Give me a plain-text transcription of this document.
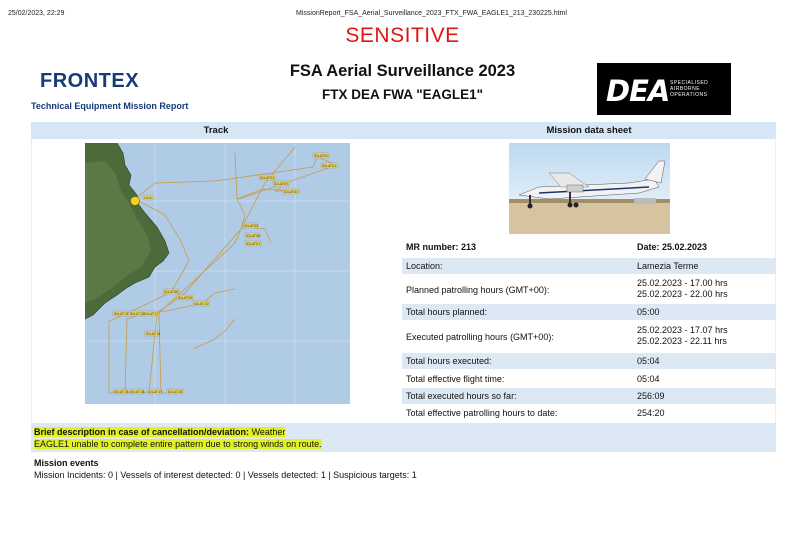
25/02/2023, 22:29	MissionReport_FSA_Aerial_Surveillance_2023_FTX_FWA_EAGLE1_213_230225.html
SENSITIVE
FRONTEX
Technical Equipment Mission Report
FSA Aerial Surveillance 2023
FTX DEA FWA "EAGLE1"	DEA SPECIALISED
AIRBORNE
OPERATIONS
Track	Mission data sheet
IDLAT00
IDLAT01
IDLAT02
IDLAT03
IDLAT04
IDLAT05
IDLAT06
IDLAT07
IDLAT08
IDLAT09
IDLAT10
IDLAT11 IDLAT12 IDLAT13
IDLAT14
IDLAT15 IDLAT16 IDLAT17 IDLAT18
LICA
MR number: 213	Date: 25.02.2023
Location:	Lamezia Terme
Planned patrolling hours (GMT+00):
25.02.2023 - 17.00 hrs
25.02.2023 - 22.00 hrs
Total hours planned:	05:00
Executed patrolling hours (GMT+00):
25.02.2023 - 17.07 hrs
25.02.2023 - 22.11 hrs
Total hours executed:	05:04
Total effective flight time:	05:04
Total executed hours so far:	256:09
Total effective patrolling hours to date:	254:20
Brief description in case of cancellation/deviation: Weather
EAGLE1 unable to complete entire pattern due to strong winds on route.
Mission events
Mission Incidents: 0 | Vessels of interest detected: 0 | Vessels detected: 1 | Suspicious targets: 1
